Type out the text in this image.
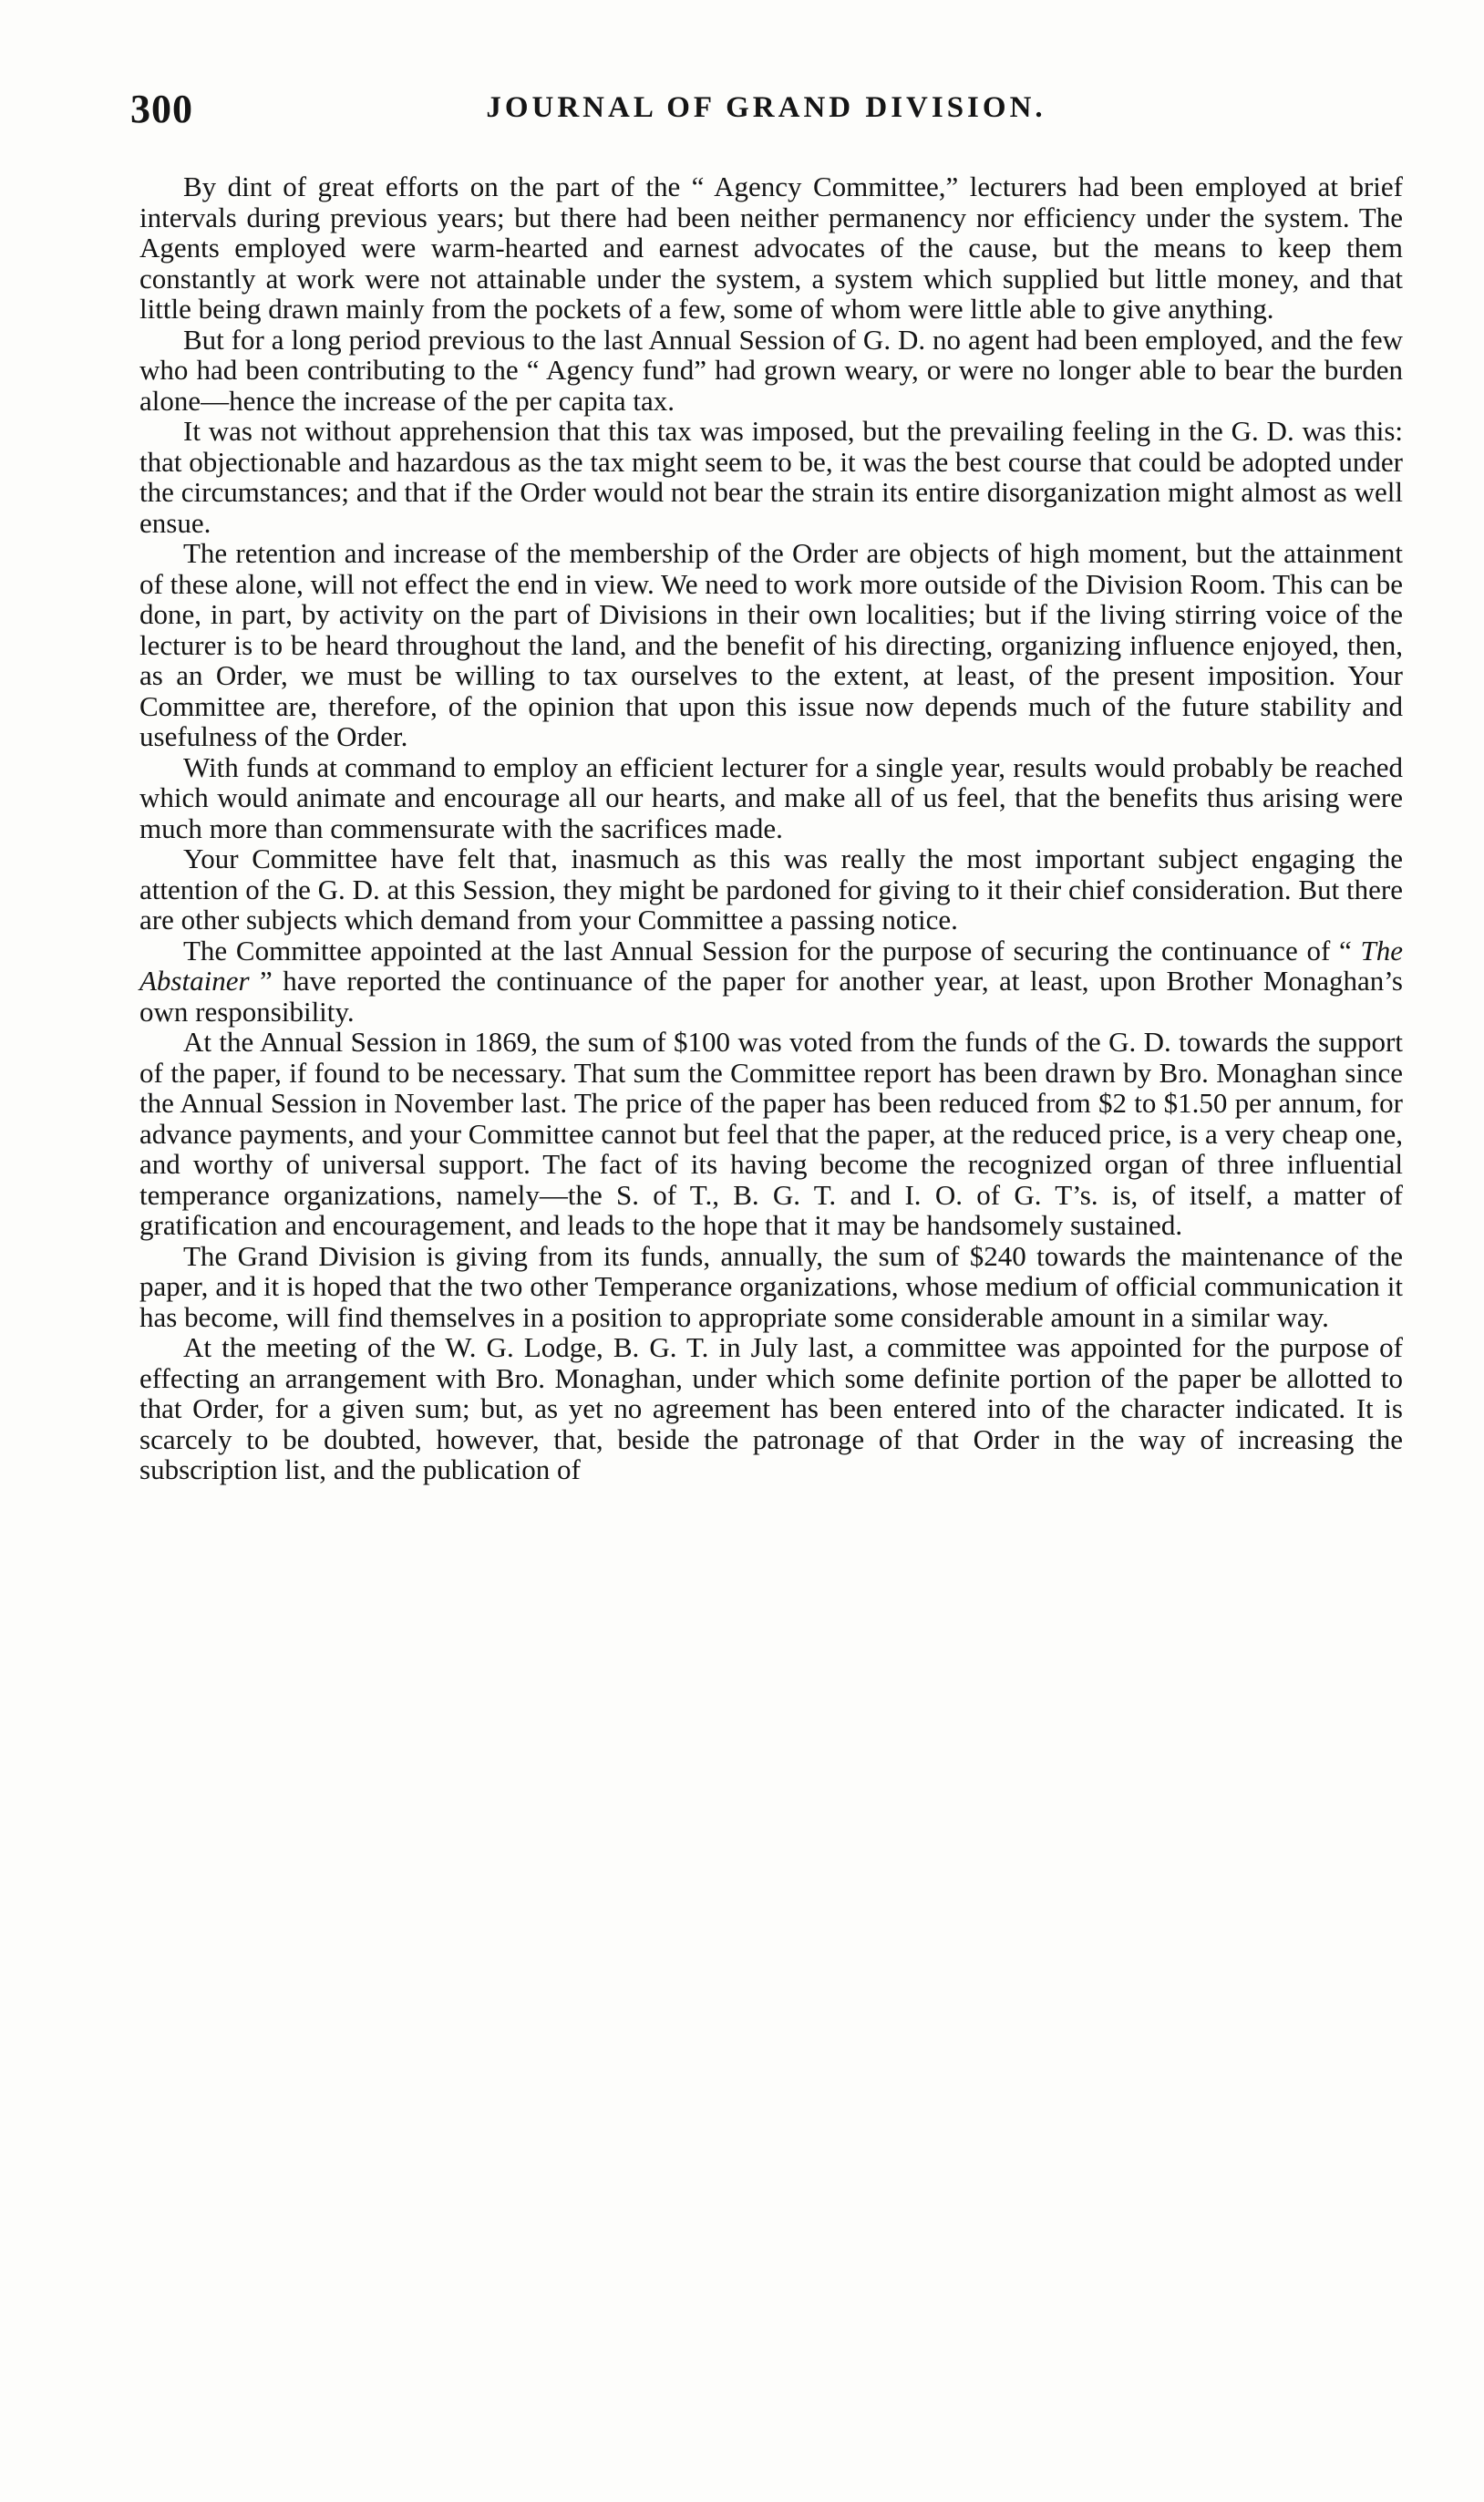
300	JOURNAL OF GRAND DIVISION.

By dint of great efforts on the part of the “ Agency Committee,” lecturers had been employed at brief intervals during previous years; but there had been neither permanency nor efficiency under the system. The Agents employed were warm-hearted and earnest advocates of the cause, but the means to keep them constantly at work were not attainable under the system, a system which supplied but little money, and that little being drawn mainly from the pockets of a few, some of whom were little able to give anything.

But for a long period previous to the last Annual Session of G. D. no agent had been employed, and the few who had been contributing to the “ Agency fund” had grown weary, or were no longer able to bear the burden alone—hence the increase of the per capita tax.

It was not without apprehension that this tax was imposed, but the prevailing feeling in the G. D. was this: that objectionable and hazardous as the tax might seem to be, it was the best course that could be adopted under the circumstances; and that if the Order would not bear the strain its entire disorganization might almost as well ensue.

The retention and increase of the membership of the Order are objects of high moment, but the attainment of these alone, will not effect the end in view. We need to work more outside of the Division Room. This can be done, in part, by activity on the part of Divisions in their own localities; but if the living stirring voice of the lecturer is to be heard throughout the land, and the benefit of his directing, organizing influence enjoyed, then, as an Order, we must be willing to tax ourselves to the extent, at least, of the present imposition. Your Committee are, therefore, of the opinion that upon this issue now depends much of the future stability and usefulness of the Order.

With funds at command to employ an efficient lecturer for a single year, results would probably be reached which would animate and encourage all our hearts, and make all of us feel, that the benefits thus arising were much more than commensurate with the sacrifices made.

Your Committee have felt that, inasmuch as this was really the most important subject engaging the attention of the G. D. at this Session, they might be pardoned for giving to it their chief consideration. But there are other subjects which demand from your Committee a passing notice.

The Committee appointed at the last Annual Session for the purpose of securing the continuance of “ The Abstainer ” have reported the continuance of the paper for another year, at least, upon Brother Monaghan’s own responsibility.

At the Annual Session in 1869, the sum of $100 was voted from the funds of the G. D. towards the support of the paper, if found to be necessary. That sum the Committee report has been drawn by Bro. Monaghan since the Annual Session in November last. The price of the paper has been reduced from $2 to $1.50 per annum, for advance payments, and your Committee cannot but feel that the paper, at the reduced price, is a very cheap one, and worthy of universal support. The fact of its having become the recognized organ of three influential temperance organizations, namely—the S. of T., B. G. T. and I. O. of G. T’s. is, of itself, a matter of gratification and encouragement, and leads to the hope that it may be handsomely sustained.

The Grand Division is giving from its funds, annually, the sum of $240 towards the maintenance of the paper, and it is hoped that the two other Temperance organizations, whose medium of official communication it has become, will find themselves in a position to appropriate some considerable amount in a similar way.

At the meeting of the W. G. Lodge, B. G. T. in July last, a committee was appointed for the purpose of effecting an arrangement with Bro. Monaghan, under which some definite portion of the paper be allotted to that Order, for a given sum; but, as yet no agreement has been entered into of the character indicated. It is scarcely to be doubted, however, that, beside the patronage of that Order in the way of increasing the subscription list, and the publication of
